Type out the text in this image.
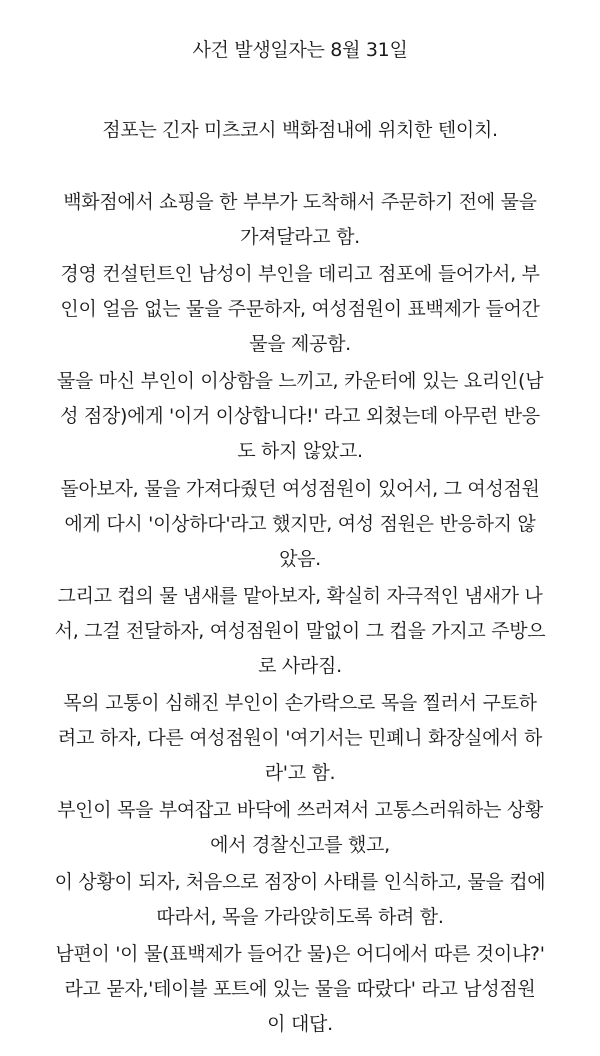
사건 발생일자는 8월 31일
점포는 긴자 미츠코시 백화점내에 위치한 텐이치.
백화점에서 쇼핑을 한 부부가 도착해서 주문하기 전에 물을
가져달라고 함.
경영 컨설턴트인 남성이 부인을 데리고 점포에 들어가서, 부
인이 얼음 없는 물을 주문하자, 여성점원이 표백제가 들어간
물을 제공함.
물을 마신 부인이 이상함을 느끼고, 카운터에 있는 요리인(남
성 점장)에게 '이거 이상합니다!' 라고 외쳤는데 아무런 반응
도 하지 않았고.
돌아보자, 물을 가져다줬던 여성점원이 있어서, 그 여성점원
에게 다시 '이상하다'라고 했지만, 여성 점원은 반응하지 않
았음.
그리고 컵의 물 냄새를 맡아보자, 확실히 자극적인 냄새가 나
서, 그걸 전달하자, 여성점원이 말없이 그 컵을 가지고 주방으
로 사라짐.
목의 고통이 심해진 부인이 손가락으로 목을 찔러서 구토하
려고 하자, 다른 여성점원이 '여기서는 민폐니 화장실에서 하
라'고 함.
부인이 목을 부여잡고 바닥에 쓰러져서 고통스러워하는 상황
에서 경찰신고를 했고,
이 상황이 되자, 처음으로 점장이 사태를 인식하고, 물을 컵에
따라서, 목을 가라앉히도록 하려 함.
남편이 '이 물(표백제가 들어간 물)은 어디에서 따른 것이냐?'
라고 묻자,'테이블 포트에 있는 물을 따랐다' 라고 남성점원
이 대답.
